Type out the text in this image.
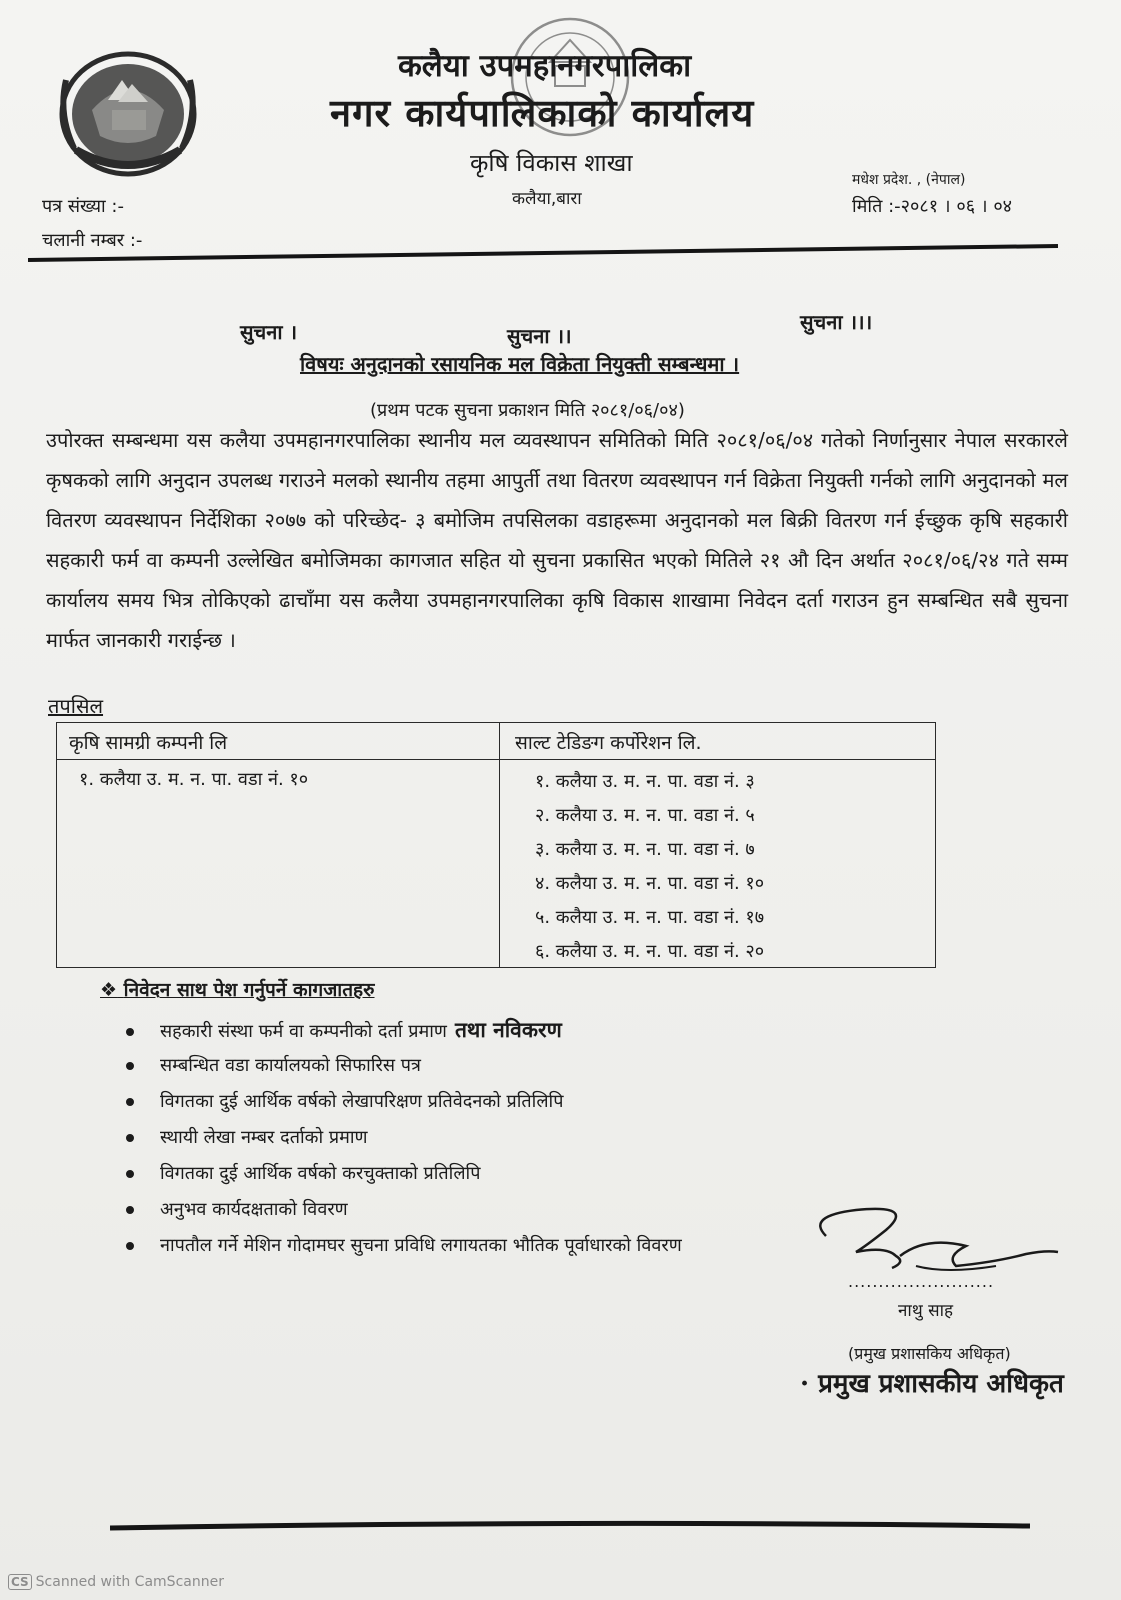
कलैया उपमहानगरपालिका
नगर कार्यपालिकाको कार्यालय
कृषि विकास शाखा
कलैया,बारा
पत्र संख्या :-
चलानी नम्बर :-
मधेश प्रदेश. , (नेपाल)
मिति :-२०८१ । ०६ । ०४
सुचना ।	सुचना ।।
सुचना ।।।
विषयः अनुदानको रसायनिक मल विक्रेता नियुक्ती सम्बन्धमा ।
(प्रथम पटक सुचना प्रकाशन मिति २०८१/०६/०४)
उपोरक्त सम्बन्धमा यस कलैया उपमहानगरपालिका स्थानीय मल व्यवस्थापन समितिको मिति २०८१/०६/०४ गतेको निर्णानुसार नेपाल सरकारले कृषकको लागि अनुदान उपलब्ध गराउने मलको स्थानीय तहमा आपुर्ती तथा वितरण व्यवस्थापन गर्न विक्रेता नियुक्ती गर्नको लागि अनुदानको मल वितरण व्यवस्थापन निर्देशिका २०७७ को परिच्छेद- ३ बमोजिम तपसिलका वडाहरूमा अनुदानको मल बिक्री वितरण गर्न ईच्छुक कृषि सहकारी सहकारी फर्म वा कम्पनी उल्लेखित बमोजिमका कागजात सहित यो सुचना प्रकासित भएको मितिले २१ औ दिन अर्थात २०८१/०६/२४ गते सम्म कार्यालय समय भित्र तोकिएको ढाचाँमा यस कलैया उपमहानगरपालिका कृषि विकास शाखामा निवेदन दर्ता गराउन हुन सम्बन्धित सबै सुचना मार्फत जानकारी गराईन्छ ।
तपसिल
कृषि सामग्री कम्पनी लि	साल्ट टेडिङग कर्पोरेशन लि.
१. कलैया उ. म. न. पा. वडा नं. १०	१. कलैया उ. म. न. पा. वडा नं. ३
२. कलैया उ. म. न. पा. वडा नं. ५
३. कलैया उ. म. न. पा. वडा नं. ७
४. कलैया उ. म. न. पा. वडा नं. १०
५. कलैया उ. म. न. पा. वडा नं. १७
६. कलैया उ. म. न. पा. वडा नं. २०
❖ निवेदन साथ पेश गर्नुपर्ने कागजातहरु
सहकारी संस्था फर्म वा कम्पनीको दर्ता प्रमाण तथा नविकरण
सम्बन्धित वडा कार्यालयको सिफारिस पत्र
विगतका दुई आर्थिक वर्षको लेखापरिक्षण प्रतिवेदनको प्रतिलिपि
स्थायी लेखा नम्बर दर्ताको प्रमाण
विगतका दुई आर्थिक वर्षको करचुक्ताको प्रतिलिपि
अनुभव कार्यदक्षताको विवरण
नापतौल गर्ने मेशिन गोदामघर सुचना प्रविधि लगायतका भौतिक पूर्वाधारको विवरण
........................
नाथु साह
(प्रमुख प्रशासकिय अधिकृत)
· प्रमुख प्रशासकीय अधिकृत
CS Scanned with CamScanner
